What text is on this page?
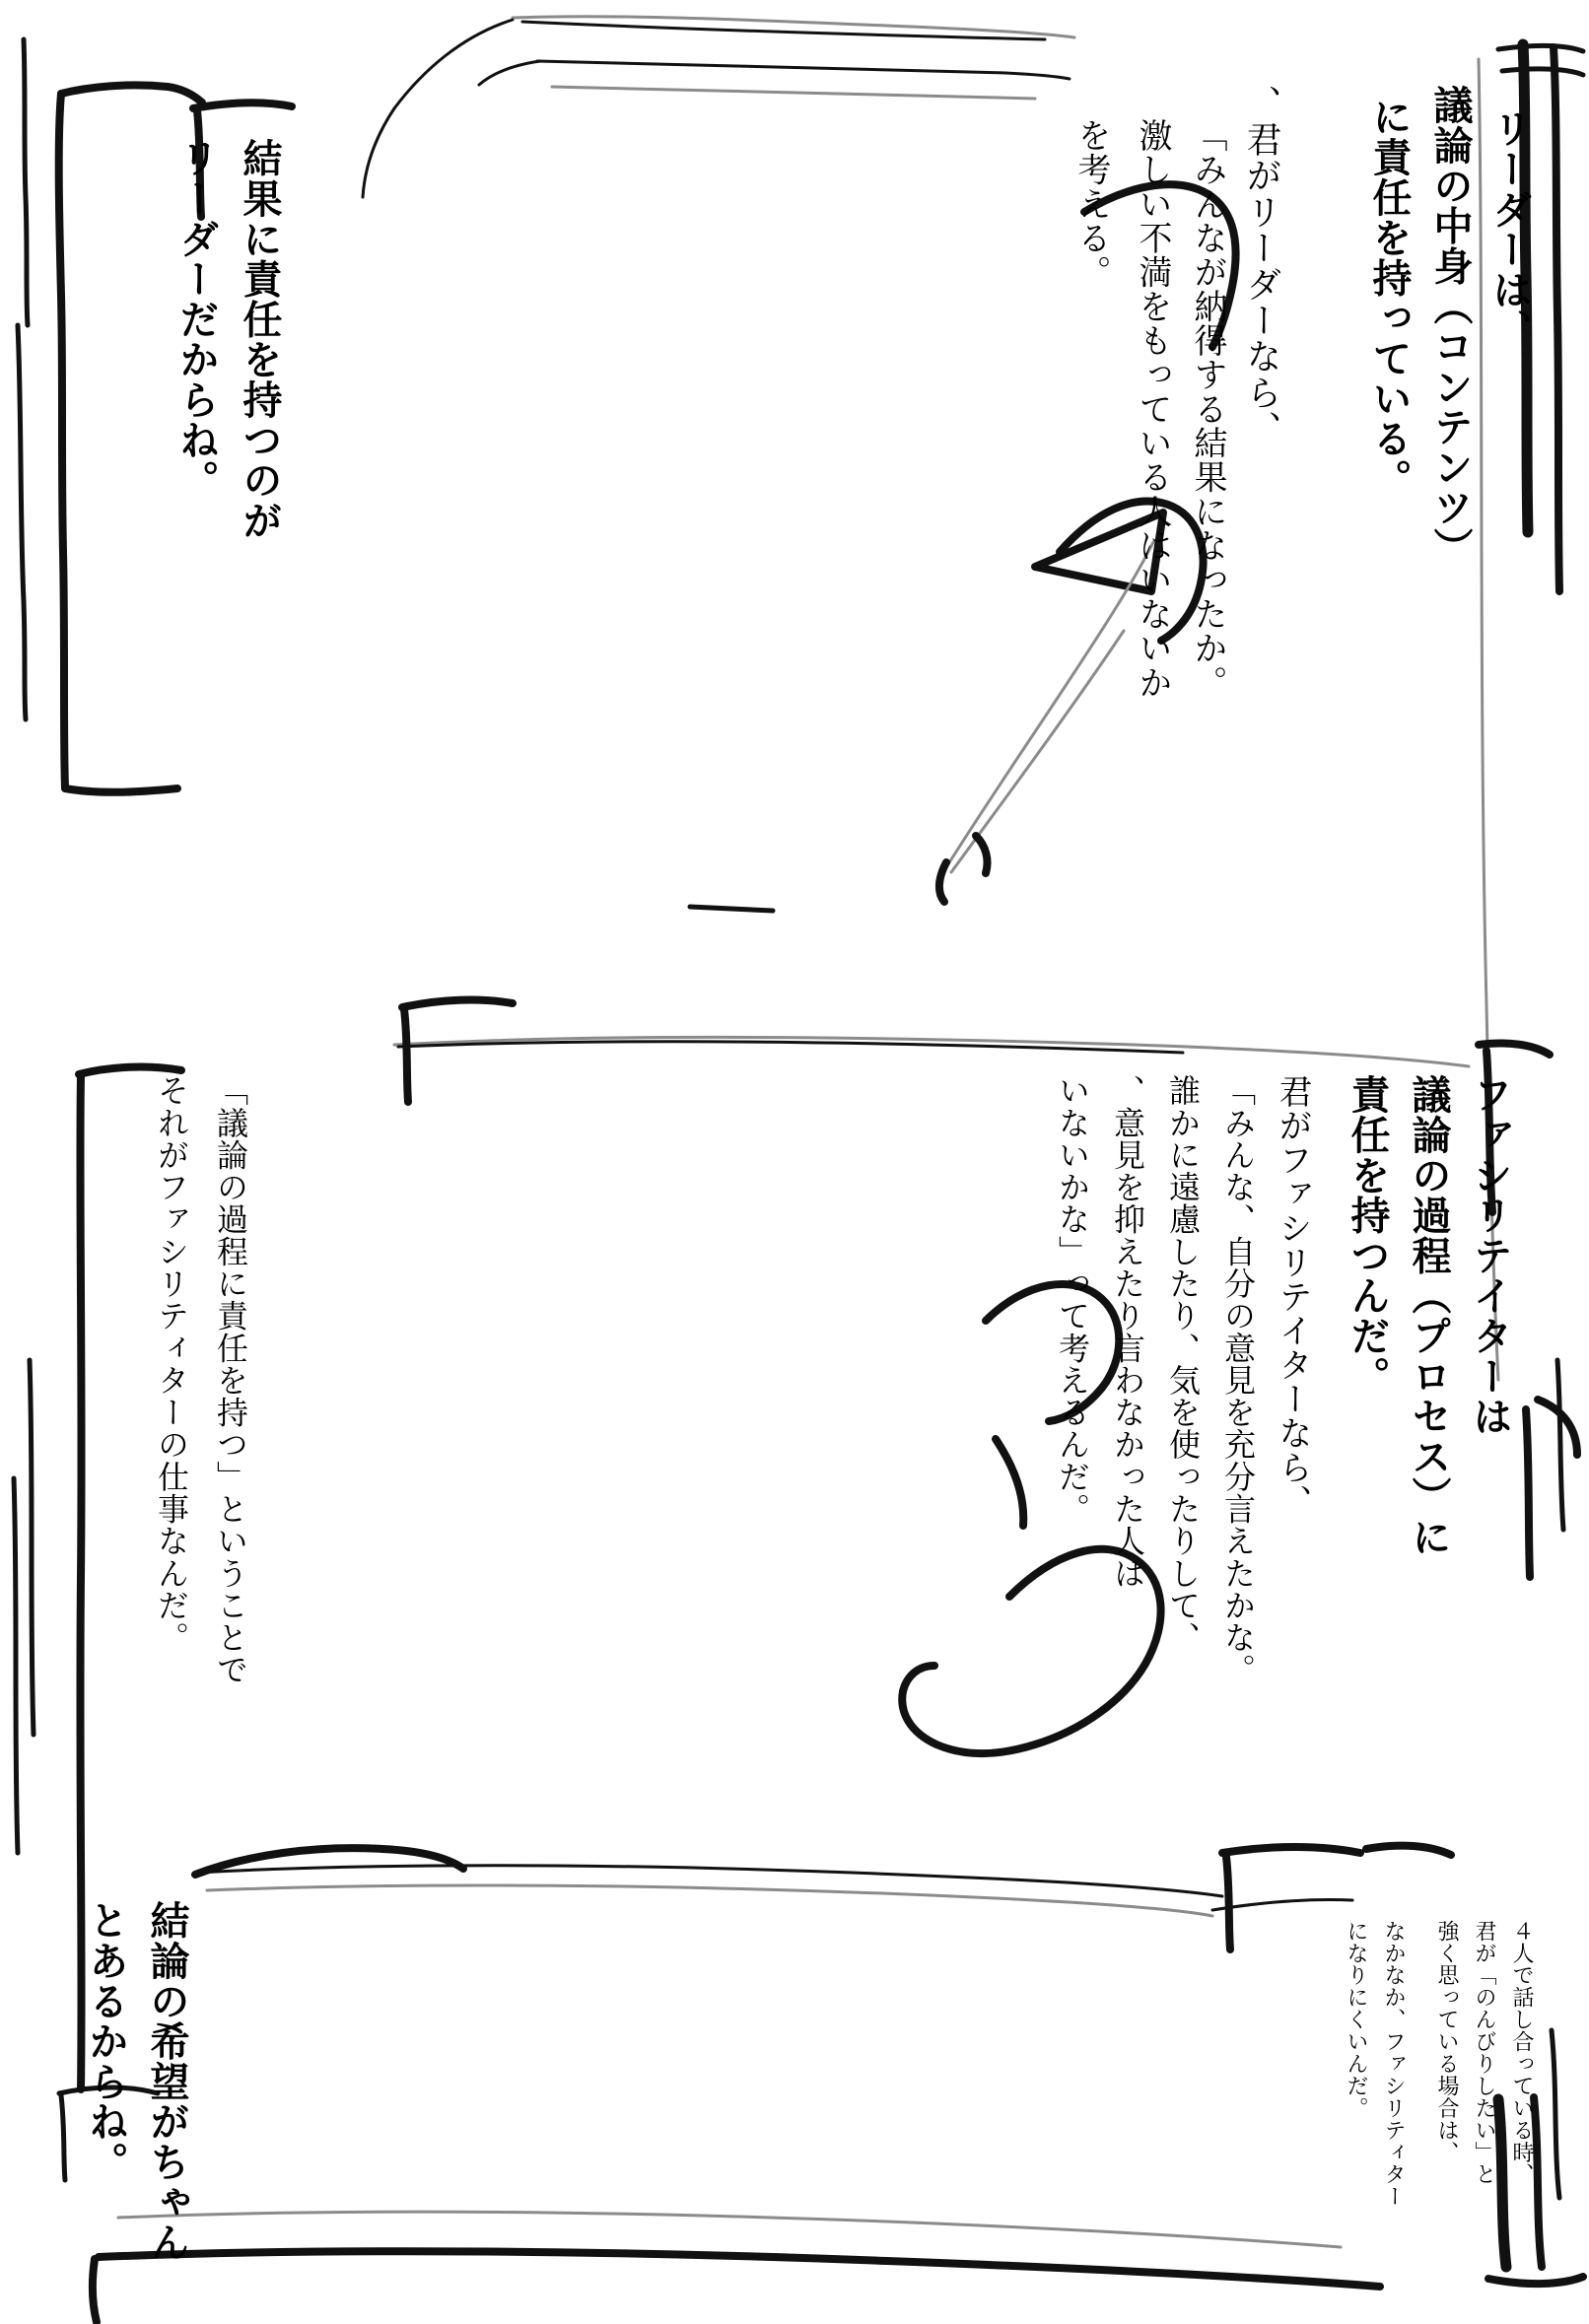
リーダーは、
議論の中身（コンテンツ）
に責任を持っている。
、君がリーダーなら、
「みんなが納得する結果になったか。
激しい不満をもっている人はいないか
を考える。
結果に責任を持つのが
リーダーだからね。
ファシリテイターは
議論の過程（プロセス）に
責任を持つんだ。
君がファシリテイターなら、
「みんな、自分の意見を充分言えたかな。
誰かに遠慮したり、気を使ったりして、
、意見を抑えたり言わなかった人は
いないかな」って考えるんだ。
「議論の過程に責任を持つ」ということで
それがファシリティターの仕事なんだ。
４人で話し合っている時、
君が「のんびりしたい」と
強く思っている場合は、
なかなか、ファシリティター
になりにくいんだ。
結論の希望がちゃん
とあるからね。
